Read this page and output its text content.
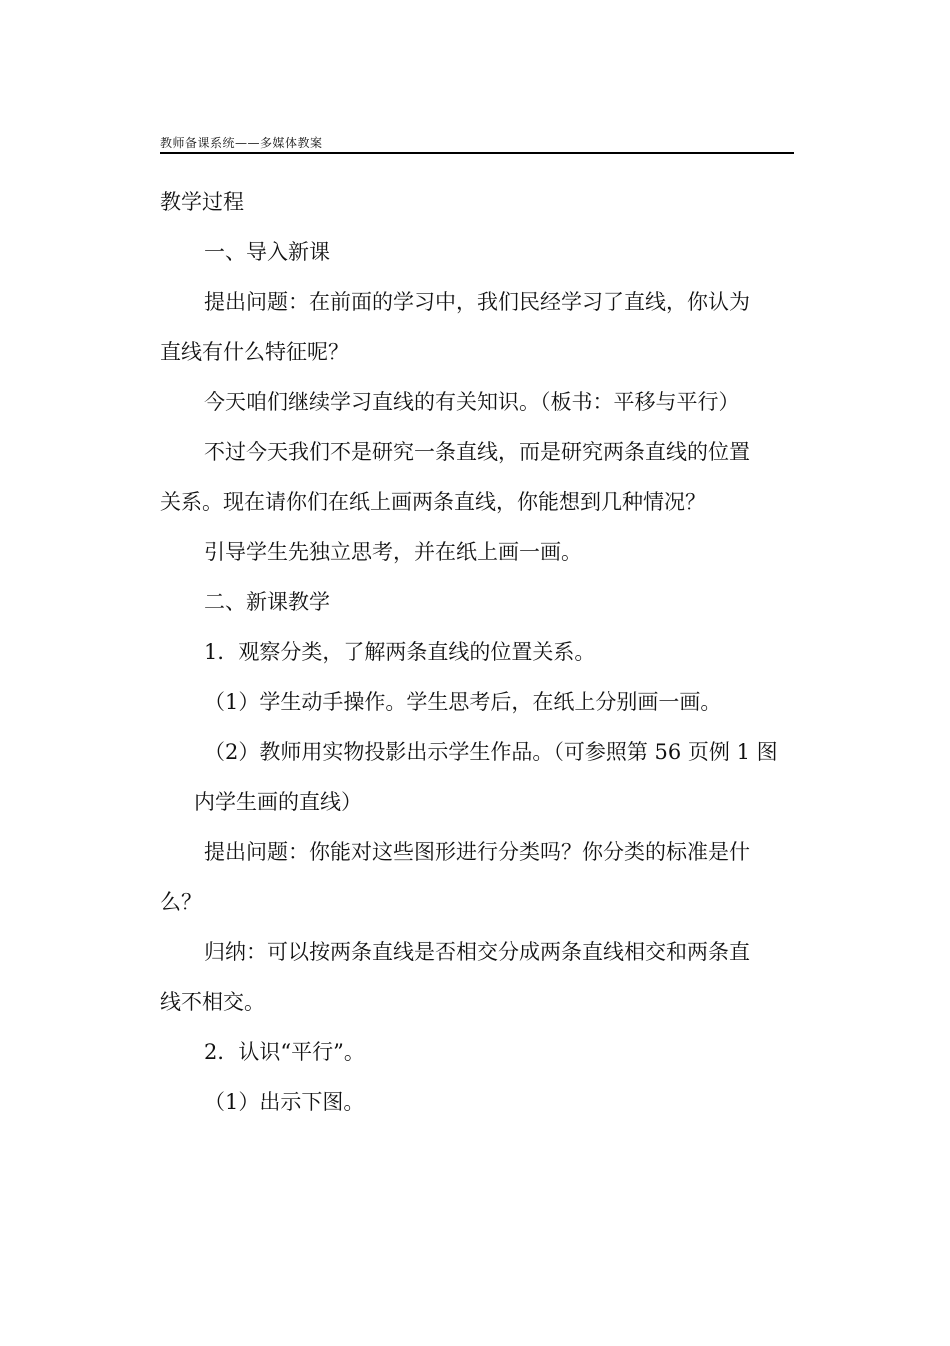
教师备课系统——多媒体教案
教学过程
一、导入新课
提出问题：在前面的学习中，我们民经学习了直线，你认为
直线有什么特征呢？
今天咱们继续学习直线的有关知识。（板书：平移与平行）
不过今天我们不是研究一条直线，而是研究两条直线的位置
关系。现在请你们在纸上画两条直线，你能想到几种情况？
引导学生先独立思考，并在纸上画一画。
二、新课教学
1．观察分类，了解两条直线的位置关系。
（1）学生动手操作。学生思考后，在纸上分别画一画。
（2）教师用实物投影出示学生作品。（可参照第 56 页例 1 图
内学生画的直线）
提出问题：你能对这些图形进行分类吗？你分类的标准是什
么？
归纳：可以按两条直线是否相交分成两条直线相交和两条直
线不相交。
2．认识“平行”。
（1）出示下图。
